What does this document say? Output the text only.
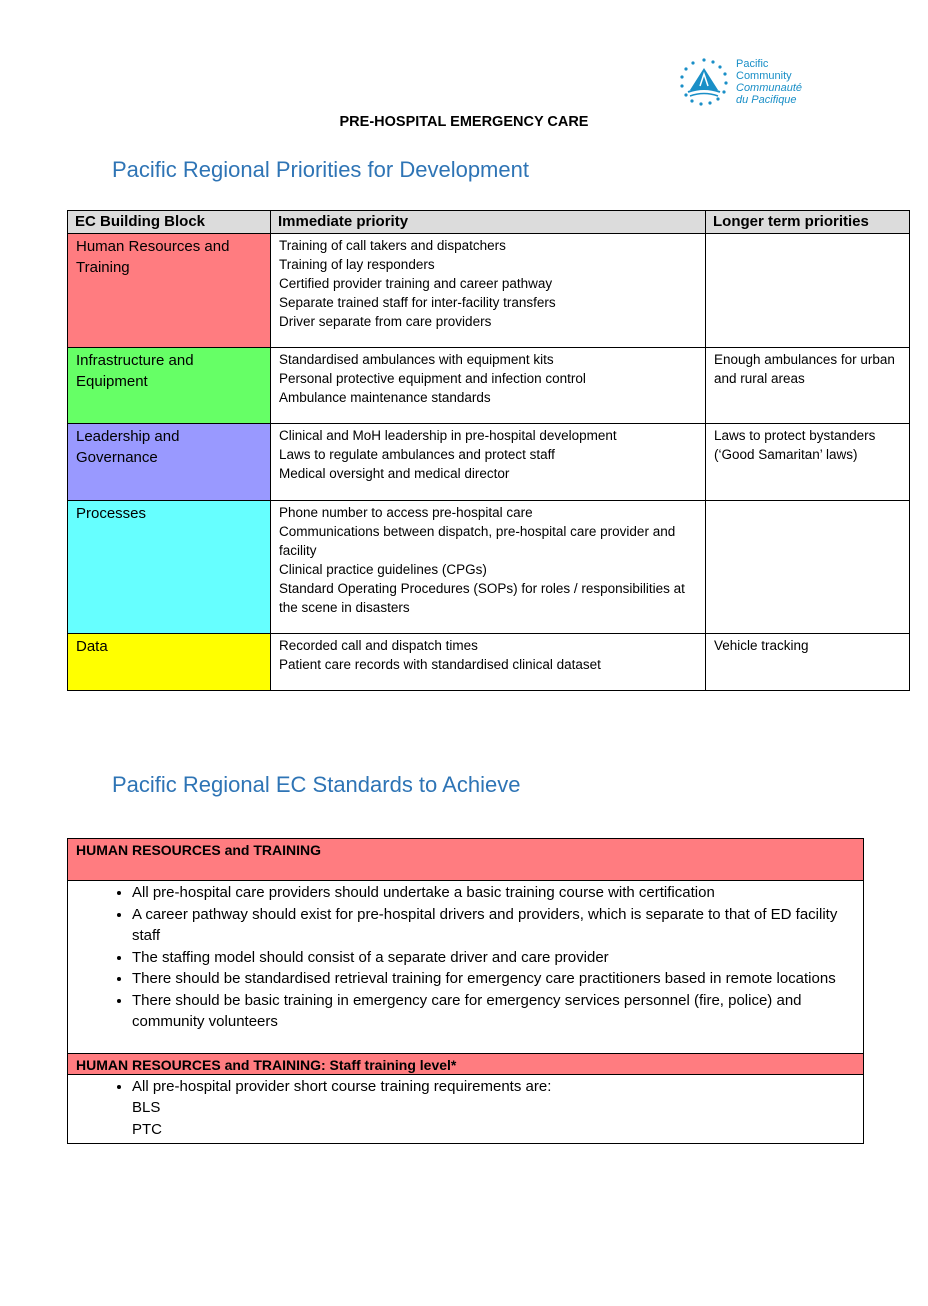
Pacific
Community
Communauté
du Pacifique
PRE-HOSPITAL EMERGENCY CARE
Pacific Regional Priorities for Development
EC Building Block	Immediate priority	Longer term priorities
Human Resources and Training	Training of call takers and dispatchers
Training of lay responders
Certified provider training and career pathway
Separate trained staff for inter-facility transfers
Driver separate from care providers	

Infrastructure and Equipment	Standardised ambulances with equipment kits
Personal protective equipment and infection control
Ambulance maintenance standards	Enough ambulances for urban and rural areas
Leadership and Governance	Clinical and MoH leadership in pre-hospital development
Laws to regulate ambulances and protect staff
Medical oversight and medical director	Laws to protect bystanders (‘Good Samaritan’ laws)
Processes	Phone number to access pre-hospital care
Communications between dispatch, pre-hospital care provider and facility
Clinical practice guidelines (CPGs)
Standard Operating Procedures (SOPs) for roles / responsibilities at the scene in disasters	

Data	Recorded call and dispatch times
Patient care records with standardised clinical dataset	Vehicle tracking
Pacific Regional EC Standards to Achieve
HUMAN RESOURCES and TRAINING
• All pre-hospital care providers should undertake a basic training course with certification
• A career pathway should exist for pre-hospital drivers and providers, which is separate to that of ED facility staff
• The staffing model should consist of a separate driver and care provider
• There should be standardised retrieval training for emergency care practitioners based in remote locations
• There should be basic training in emergency care for emergency services personnel (fire, police) and community volunteers
HUMAN RESOURCES and TRAINING: Staff training level*
• All pre-hospital provider short course training requirements are:
BLS
PTC
